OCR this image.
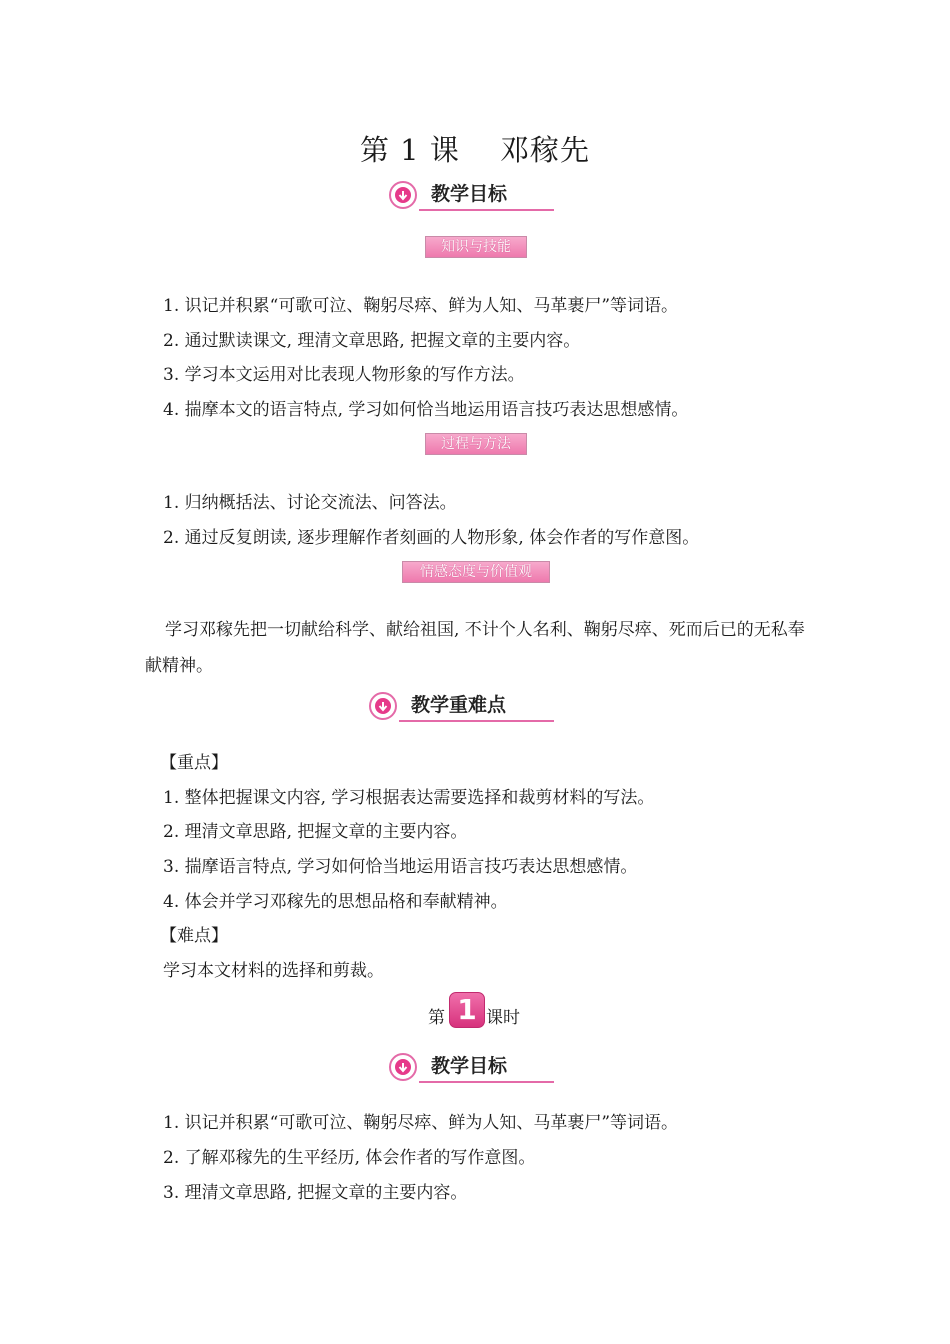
第 1 课　 邓稼先
教学目标
知识与技能
1. 识记并积累“可歌可泣、鞠躬尽瘁、鲜为人知、马革裹尸”等词语。
2. 通过默读课文, 理清文章思路, 把握文章的主要内容。
3. 学习本文运用对比表现人物形象的写作方法。
4. 揣摩本文的语言特点, 学习如何恰当地运用语言技巧表达思想感情。
过程与方法
1. 归纳概括法、讨论交流法、问答法。
2. 通过反复朗读, 逐步理解作者刻画的人物形象, 体会作者的写作意图。
情感态度与价值观
学习邓稼先把一切献给科学、献给祖国, 不计个人名利、鞠躬尽瘁、死而后已的无私奉献精神。
教学重难点
【重点】
1. 整体把握课文内容, 学习根据表达需要选择和裁剪材料的写法。
2. 理清文章思路, 把握文章的主要内容。
3. 揣摩语言特点, 学习如何恰当地运用语言技巧表达思想感情。
4. 体会并学习邓稼先的思想品格和奉献精神。
【难点】
学习本文材料的选择和剪裁。
第 1 课时
教学目标
1. 识记并积累“可歌可泣、鞠躬尽瘁、鲜为人知、马革裹尸”等词语。
2. 了解邓稼先的生平经历, 体会作者的写作意图。
3. 理清文章思路, 把握文章的主要内容。
